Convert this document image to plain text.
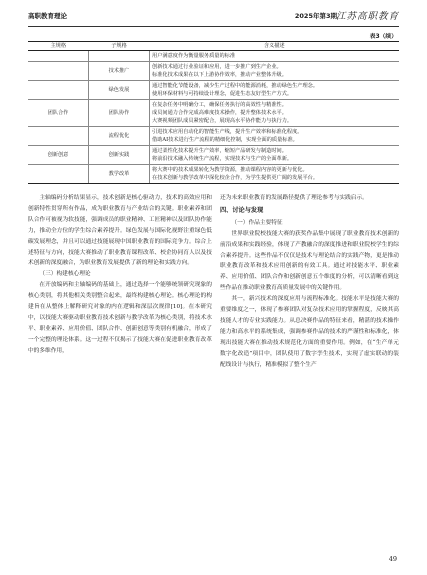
高职教育理论	2025年第3期
江苏高职教育
表3（续）
主规格	子规格	含义描述

		用户满意度作为衡量服务质量的标准

	技术推广	创新技术通过行业验证和应用，进一步推广到生产企业。
标准化技术成果在以下上游协作效率，推动产业整体升级。

	绿色发展	通过智能化节能设备，减少生产过程中的能源消耗，推动绿色生产理念。
使用环保材料与可持续设计理念，促进生态友好型生产方式。

团队合作	团队协作	在复杂任务中明确分工，确保任务执行的高效性与精准性。
成员间通力合作完成高难度技术操作，提升整体技术水平。
大赛视频团队成员紧密配合，展现高水平协作能力与执行力。

	流程优化	引进技术应用自动化的智能生产线，提升生产效率和标准化程度。
借助AI技术进行生产流程的精细化控制，实现全面的质量标准。

创新创意	创新实践	通过柔性化技术提升生产效率，缩短产品研发与制造时间。
将前沿技术融入传统生产流程，实现技术与生产的全面革新。

	教学改革	将大赛中的技术成果转化为教学资源，推动课程内容的更新与优化。
在技术创新与教学改革中深化校企合作，为学生提供更广阔的发展平台。

主轴编码分析结果显示，技术创新是核心驱动力，技术的高效应用和创新特性贯穿所有作品，成为职业教育与产业结合的关键。职业素养和团队合作可被视为软技能，强调成员的职业精神、工匠精神以及团队协作能力，推动全方位的学生综合素养提升。绿色发展与国际化视野注重绿色低碳发展理念，并且可以通过技能展现中国职业教育的国际竞争力。综合上述特征与方向，技能大赛推动了职业教育课程改革、校企协同育人以及技术创新的深度融合，为职业教育发展提供了新的理论和实践方向。

（三）构建核心理论

在开放编码和主轴编码的基础上，通过选择一个能够统领研究现象的核心类别，将其他相关类别整合起来，最终构建核心理论。核心理论的构建旨在从整体上解释研究对象的内在逻辑和深层次规律[10]。在本研究中，以技能大赛驱动职业教育技术创新与教学改革为核心类别，将技术水平、职业素养、应用价值、团队合作、创新创意等类别有机融合，形成了一个完整的理论体系。这一过程不仅揭示了技能大赛在促进职业教育改革中的多维作用，

还为未来职业教育的发展路径提供了理论参考与实践启示。

四、讨论与发现

（一）作品主要特征

世界职业院校技能大赛的获奖作品集中展现了职业教育技术创新的前沿成果和实践经验，体现了产教融合的深度推进和职业院校学生的综合素养提升。这些作品不仅仅是技术与理论结合的实践产物，更是推动职业教育改革和技术应用创新的有效工具。通过对技能水平、职业素养、应用价值、团队合作和创新创意五个维度的分析，可以清晰看到这些作品在推动职业教育高质量发展中的关键作用。

其一，新兴技术的深度应用与流程标准化。技能水平是技能大赛的重要维度之一，体现了参赛团队对复杂技术应用的掌握程度，反映其高技能人才的专业实践能力。从总决赛作品的特征来看，精湛的技术操作能力和高水平的系统集成，强调参赛作品的技术的严谨性和标准化，体现出技能大赛在推动技术规范化方面的重要作用。例如，在“生产单元数字化改造”项目中，团队使用了数字孪生技术，实现了虚实联动的装配线设计与执行，精准模拟了整个生产

49
